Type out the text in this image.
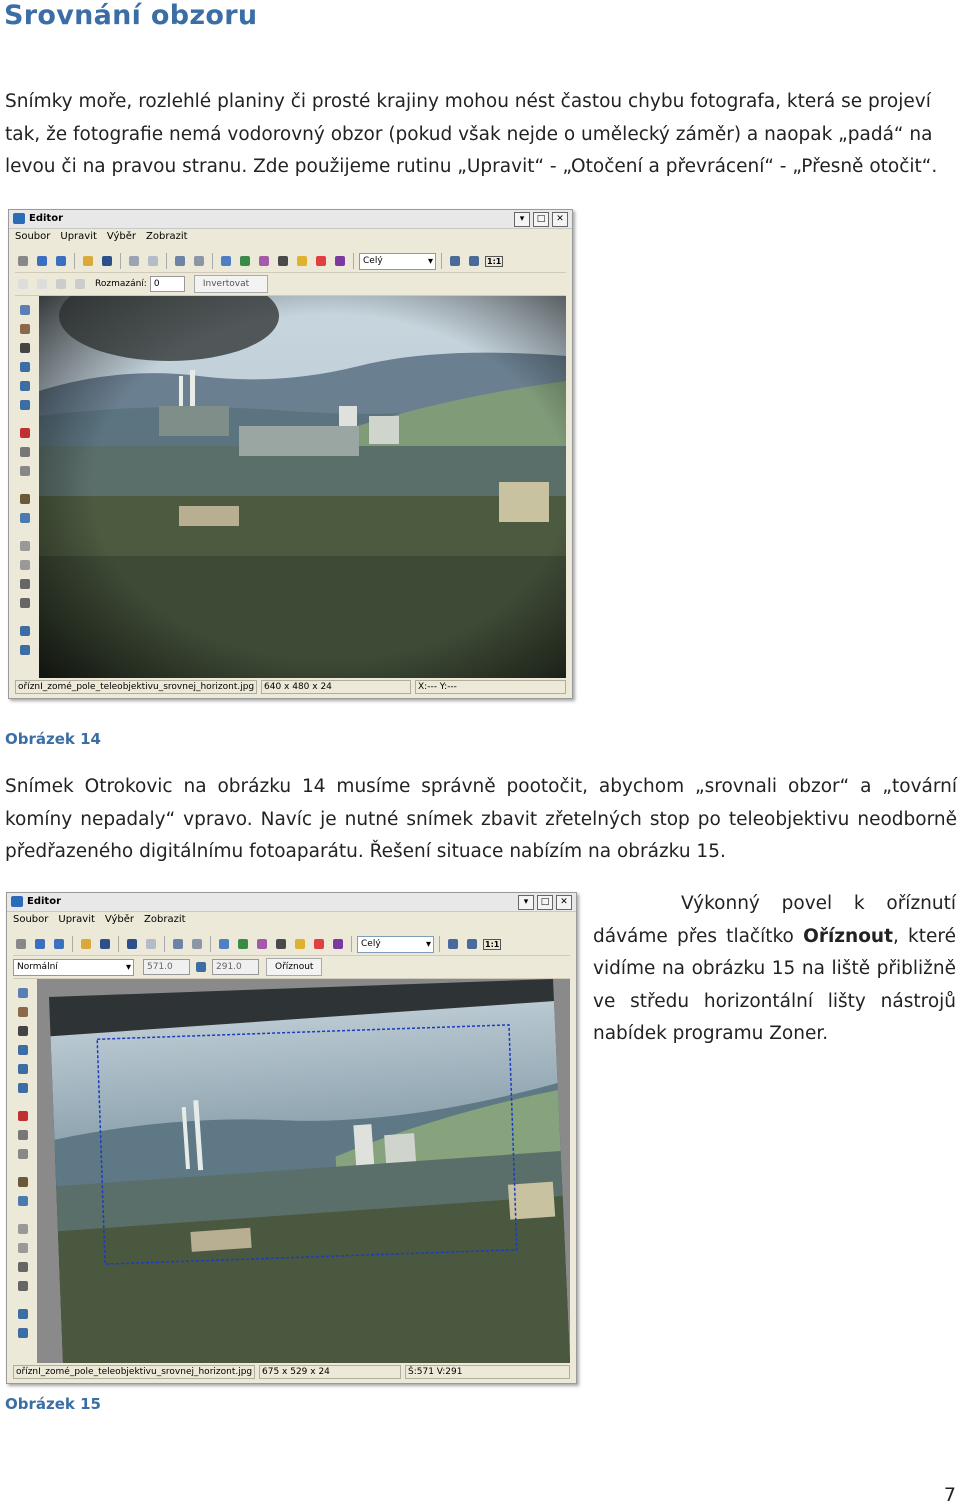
Srovnání obzoru

Snímky moře, rozlehlé planiny či prosté krajiny mohou nést častou chybu fotografa, která se projeví
tak, že fotografie nemá vodorovný obzor (pokud však nejde o umělecký záměr) a naopak „padá“ na
levou či na pravou stranu. Zde použijeme rutinu „Upravit“ - „Otočení a převrácení“ - „Přesně otočit“.

Editor	▾	□	✕
Soubor Upravit Výběr Zobrazit
Celý ▾	1:1
Rozmazání: 0	Invertovat
oříznI_zomé_pole_teleobjektivu_srovnej_horizont.jpg	640 x 480 x 24	X:--- Y:---
Obrázek 14

Snímek Otrokovic na obrázku 14 musíme správně pootočit, abychom „srovnali obzor“ a „tovární
komíny nepadaly“ vpravo. Navíc je nutné snímek zbavit zřetelných stop po teleobjektivu neodborně
předřazeného digitálnímu fotoaparátu. Řešení situace nabízím na obrázku 15.

Editor	▾	□	✕
Soubor Upravit Výběr Zobrazit
Celý ▾	1:1
Normální ▾	571.0	291.0	Oříznout
oříznI_zomé_pole_teleobjektivu_srovnej_horizont.jpg	675 x 529 x 24	Š:571 V:291
Obrázek 15
Výkonný povel k oříznutí
dáváme přes tlačítko Oříznout, které
vidíme na obrázku 15 na liště přibližně
ve středu horizontální lišty nástrojů
nabídek programu Zoner.
7
